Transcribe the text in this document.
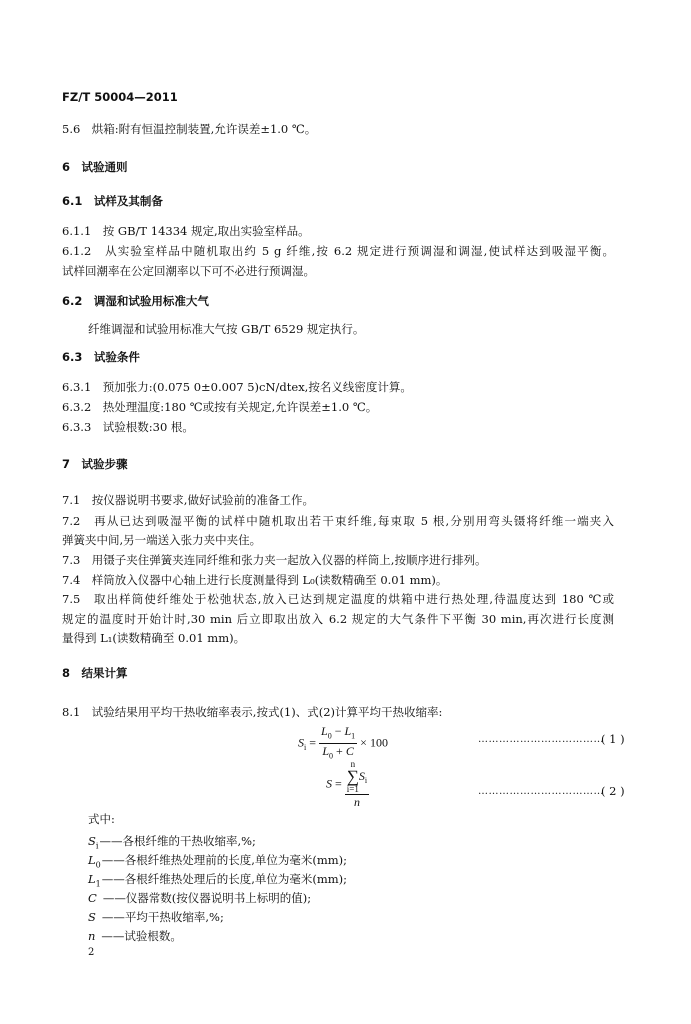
FZ/T 50004—2011
5.6　烘箱:附有恒温控制装置,允许误差±1.0 ℃。
6　试验通则
6.1　试样及其制备
6.1.1　按 GB/T 14334 规定,取出实验室样品。
6.1.2　从实验室样品中随机取出约 5 g 纤维,按 6.2 规定进行预调湿和调湿,使试样达到吸湿平衡。
试样回潮率在公定回潮率以下可不必进行预调湿。
6.2　调湿和试验用标准大气
纤维调湿和试验用标准大气按 GB/T 6529 规定执行。
6.3　试验条件
6.3.1　预加张力:(0.075 0±0.007 5)cN/dtex,按名义线密度计算。
6.3.2　热处理温度:180 ℃或按有关规定,允许误差±1.0 ℃。
6.3.3　试验根数:30 根。
7　试验步骤
7.1　按仪器说明书要求,做好试验前的准备工作。
7.2　再从已达到吸湿平衡的试样中随机取出若干束纤维,每束取 5 根,分别用弯头镊将纤维一端夹入
弹簧夹中间,另一端送入张力夹中夹住。
7.3　用镊子夹住弹簧夹连同纤维和张力夹一起放入仪器的样筒上,按顺序进行排列。
7.4　样筒放入仪器中心轴上进行长度测量得到 L₀(读数精确至 0.01 mm)。
7.5　取出样筒使纤维处于松弛状态,放入已达到规定温度的烘箱中进行热处理,待温度达到 180 ℃或
规定的温度时开始计时,30 min 后立即取出放入 6.2 规定的大气条件下平衡 30 min,再次进行长度测
量得到 L₁(读数精确至 0.01 mm)。
8　结果计算
8.1　试验结果用平均干热收缩率表示,按式(1)、式(2)计算平均干热收缩率:
$S_i = \frac{L_0 - L_1}{L_0 + C} \times 100$	………………………………
( 1 )
S = n
∑
$i=1S_i$
n	………………………………
( 2 )
式中:
$S_i——$各根纤维的干热收缩率,%;
$L_0——$各根纤维热处理前的长度,单位为毫米(mm);
$L_1——$各根纤维热处理后的长度,单位为毫米(mm);
C ——仪器常数(按仪器说明书上标明的值);
S ——平均干热收缩率,%;
n ——试验根数。
2
